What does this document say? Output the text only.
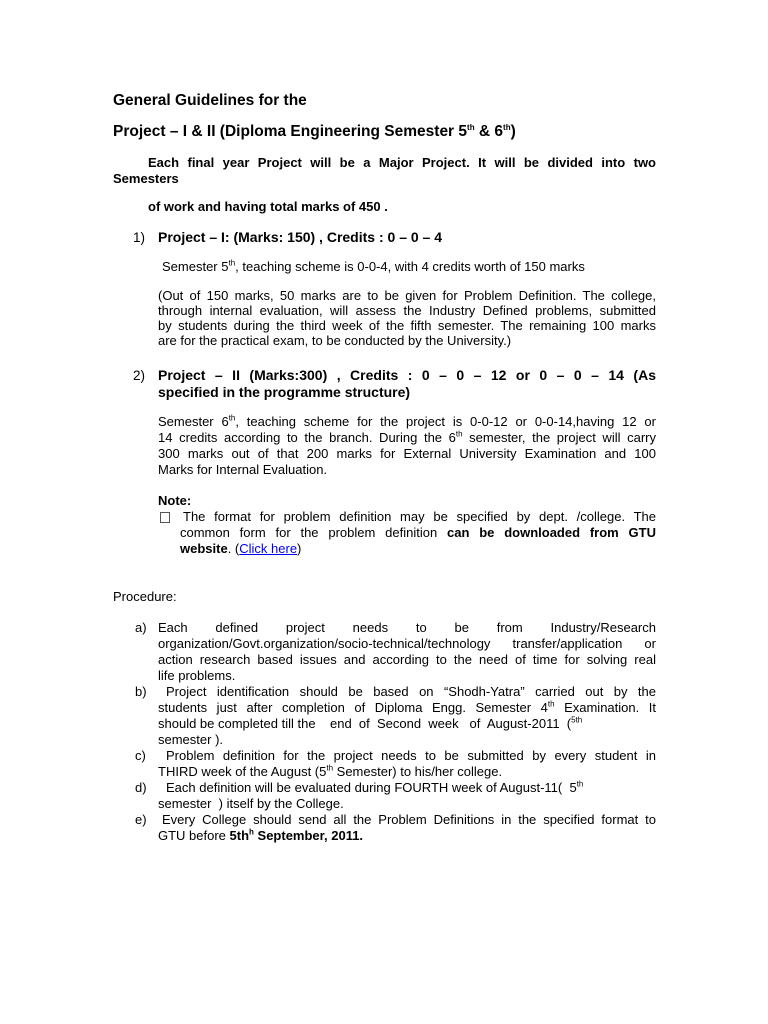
General Guidelines for the
Project – I & II (Diploma Engineering Semester 5th & 6th)
Each final year Project will be a Major Project. It will be divided into two
Semesters
of work and having total marks of 450 .
1) Project – I: (Marks: 150) , Credits : 0 – 0 – 4
Semester 5th, teaching scheme is 0-0-4, with 4 credits worth of 150 marks
(Out of 150 marks, 50 marks are to be given for Problem Definition. The college,
through internal evaluation, will assess the Industry Defined problems, submitted
by students during the third week of the fifth semester. The remaining 100 marks
are for the practical exam, to be conducted by the University.)
2) Project – II (Marks:300) , Credits : 0 – 0 – 12 or 0 – 0 – 14 (As
specified in the programme structure)
Semester 6th, teaching scheme for the project is 0-0-12 or 0-0-14,having 12 or
14 credits according to the branch. During the 6th semester, the project will carry
300 marks out of that 200 marks for External University Examination and 100
Marks for Internal Evaluation.
Note:
The format for problem definition may be specified by dept. /college. The
common form for the problem definition can be downloaded from GTU
website. (Click here)
Procedure:
a) Each      defined      project      needs      to      be      from      Industry/Research
organization/Govt.organization/socio-technical/technology transfer/application or
action research based issues and according to the need of time for solving real
life problems.
b) Project identification should be based on “Shodh-Yatra” carried out by the
students just after completion of Diploma Engg. Semester 4th Examination. It
should be completed till the    end  of  Second  week   of  August-2011  ($^{5th}$
semester ).
c) Problem definition for the project needs to be submitted by every student in
THIRD week of the August (5th Semester) to his/her college.
d) Each definition will be evaluated during FOURTH week of August-11(  5th
semester  ) itself by the College.
e) Every College should send all the Problem Definitions in the specified format to
GTU before $5th^h$ September, 2011.
